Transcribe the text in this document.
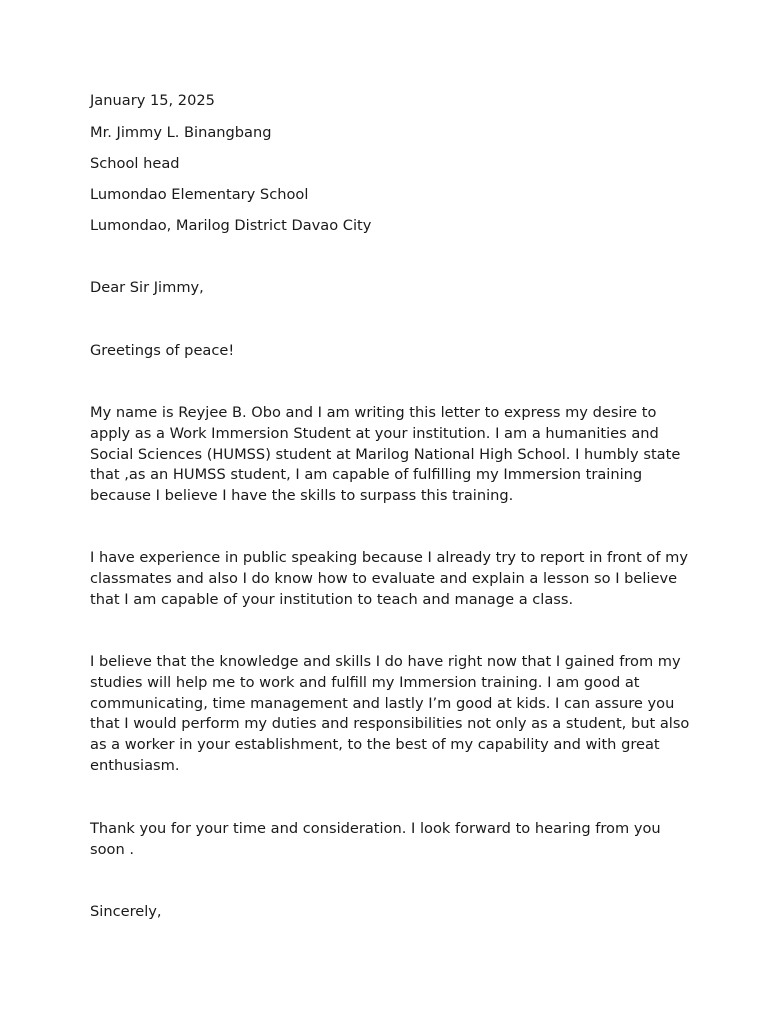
January 15, 2025
Mr. Jimmy L. Binangbang
School head
Lumondao Elementary School
Lumondao, Marilog District Davao City
Dear Sir Jimmy,
Greetings of peace!
My name is Reyjee B. Obo and I am writing this letter to express my desire to apply as a Work Immersion Student at your institution. I am a humanities and Social Sciences (HUMSS) student at Marilog National High School. I humbly state that ,as an HUMSS student, I am capable of fulfilling my Immersion training because I believe I have the skills to surpass this training.
I have experience in public speaking because I already try to report in front of my classmates and also I do know how to evaluate and explain a lesson so I believe that I am capable of your institution to teach and manage a class.
I believe that the knowledge and skills I do have right now that I gained from my studies will help me to work and fulfill my Immersion training. I am good at communicating, time management and lastly I’m good at kids. I can assure you that I would perform my duties and responsibilities not only as a student, but also as a worker in your establishment, to the best of my capability and with great enthusiasm.
Thank you for your time and consideration. I look forward to hearing from you soon .
Sincerely,
